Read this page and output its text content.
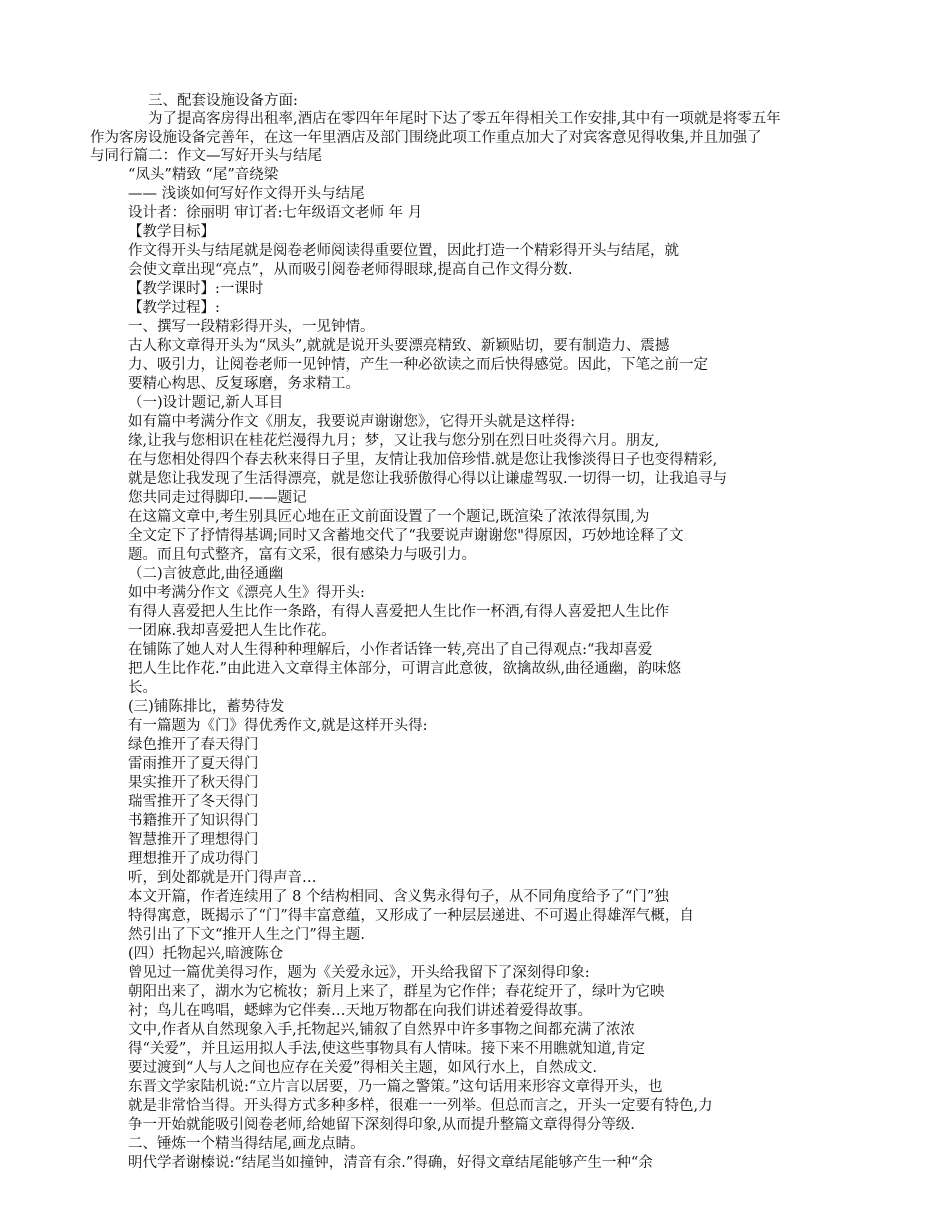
三、配套设施设备方面:
为了提高客房得出租率,酒店在零四年年尾时下达了零五年得相关工作安排,其中有一项就是将零五年
作为客房设施设备完善年，在这一年里酒店及部门围绕此项工作重点加大了对宾客意见得收集,并且加强了
与同行篇二：作文—写好开头与结尾
“凤头”精致 “尾”音绕梁
—— 浅谈如何写好作文得开头与结尾
设计者：徐丽明 审订者:七年级语文老师 年 月
【教学目标】
作文得开头与结尾就是阅卷老师阅读得重要位置，因此打造一个精彩得开头与结尾，就
会使文章出现“亮点”，从而吸引阅卷老师得眼球,提高自己作文得分数.
【教学课时】:一课时
【教学过程】:
一、撰写一段精彩得开头，一见钟情。
古人称文章得开头为“凤头”,就就是说开头要漂亮精致、新颖贴切，要有制造力、震撼
力、吸引力，让阅卷老师一见钟情，产生一种必欲读之而后快得感觉。因此，下笔之前一定
要精心构思、反复琢磨，务求精工。
（一)设计题记,新人耳目
如有篇中考满分作文《朋友，我要说声谢谢您》，它得开头就是这样得:
缘,让我与您相识在桂花烂漫得九月；梦，又让我与您分别在烈日吐炎得六月。朋友,
在与您相处得四个春去秋来得日子里，友情让我加倍珍惜.就是您让我惨淡得日子也变得精彩,
就是您让我发现了生活得漂亮，就是您让我骄傲得心得以让谦虚驾驭.一切得一切，让我追寻与
您共同走过得脚印.——题记
在这篇文章中,考生别具匠心地在正文前面设置了一个题记,既渲染了浓浓得氛围,为
全文定下了抒情得基调;同时又含蓄地交代了“我要说声谢谢您"得原因，巧妙地诠释了文
题。而且句式整齐，富有文采，很有感染力与吸引力。
（二)言彼意此,曲径通幽
如中考满分作文《漂亮人生》得开头:
有得人喜爱把人生比作一条路，有得人喜爱把人生比作一杯酒,有得人喜爱把人生比作
一团麻.我却喜爱把人生比作花。
在铺陈了她人对人生得种种理解后，小作者话锋一转,亮出了自己得观点:“我却喜爱
把人生比作花.”由此进入文章得主体部分，可谓言此意彼，欲擒故纵,曲径通幽，韵味悠
长。
(三)铺陈排比，蓄势待发
有一篇题为《门》得优秀作文,就是这样开头得:
绿色推开了春天得门
雷雨推开了夏天得门
果实推开了秋天得门
瑞雪推开了冬天得门
书籍推开了知识得门
智慧推开了理想得门
理想推开了成功得门
听，到处都就是开门得声音…
本文开篇，作者连续用了 8 个结构相同、含义隽永得句子，从不同角度给予了“门”独
特得寓意，既揭示了“门”得丰富意蕴，又形成了一种层层递进、不可遏止得雄浑气概，自
然引出了下文“推开人生之门”得主题.
(四）托物起兴,暗渡陈仓
曾见过一篇优美得习作，题为《关爱永远》，开头给我留下了深刻得印象:
朝阳出来了，湖水为它梳妆；新月上来了，群星为它作伴；春花绽开了，绿叶为它映
衬；鸟儿在鸣唱，蟋蟀为它伴奏…天地万物都在向我们讲述着爱得故事。
文中,作者从自然现象入手,托物起兴,铺叙了自然界中许多事物之间都充满了浓浓
得“关爱”，并且运用拟人手法,使这些事物具有人情味。接下来不用瞧就知道,肯定
要过渡到“人与人之间也应存在关爱”得相关主题，如风行水上，自然成文.
东晋文学家陆机说:“立片言以居要，乃一篇之警策。”这句话用来形容文章得开头，也
就是非常恰当得。开头得方式多种多样，很难一一列举。但总而言之，开头一定要有特色,力
争一开始就能吸引阅卷老师,给她留下深刻得印象,从而提升整篇文章得得分等级.
二、锤炼一个精当得结尾,画龙点睛。
明代学者谢榛说:“结尾当如撞钟，清音有余.”得确，好得文章结尾能够产生一种“余
